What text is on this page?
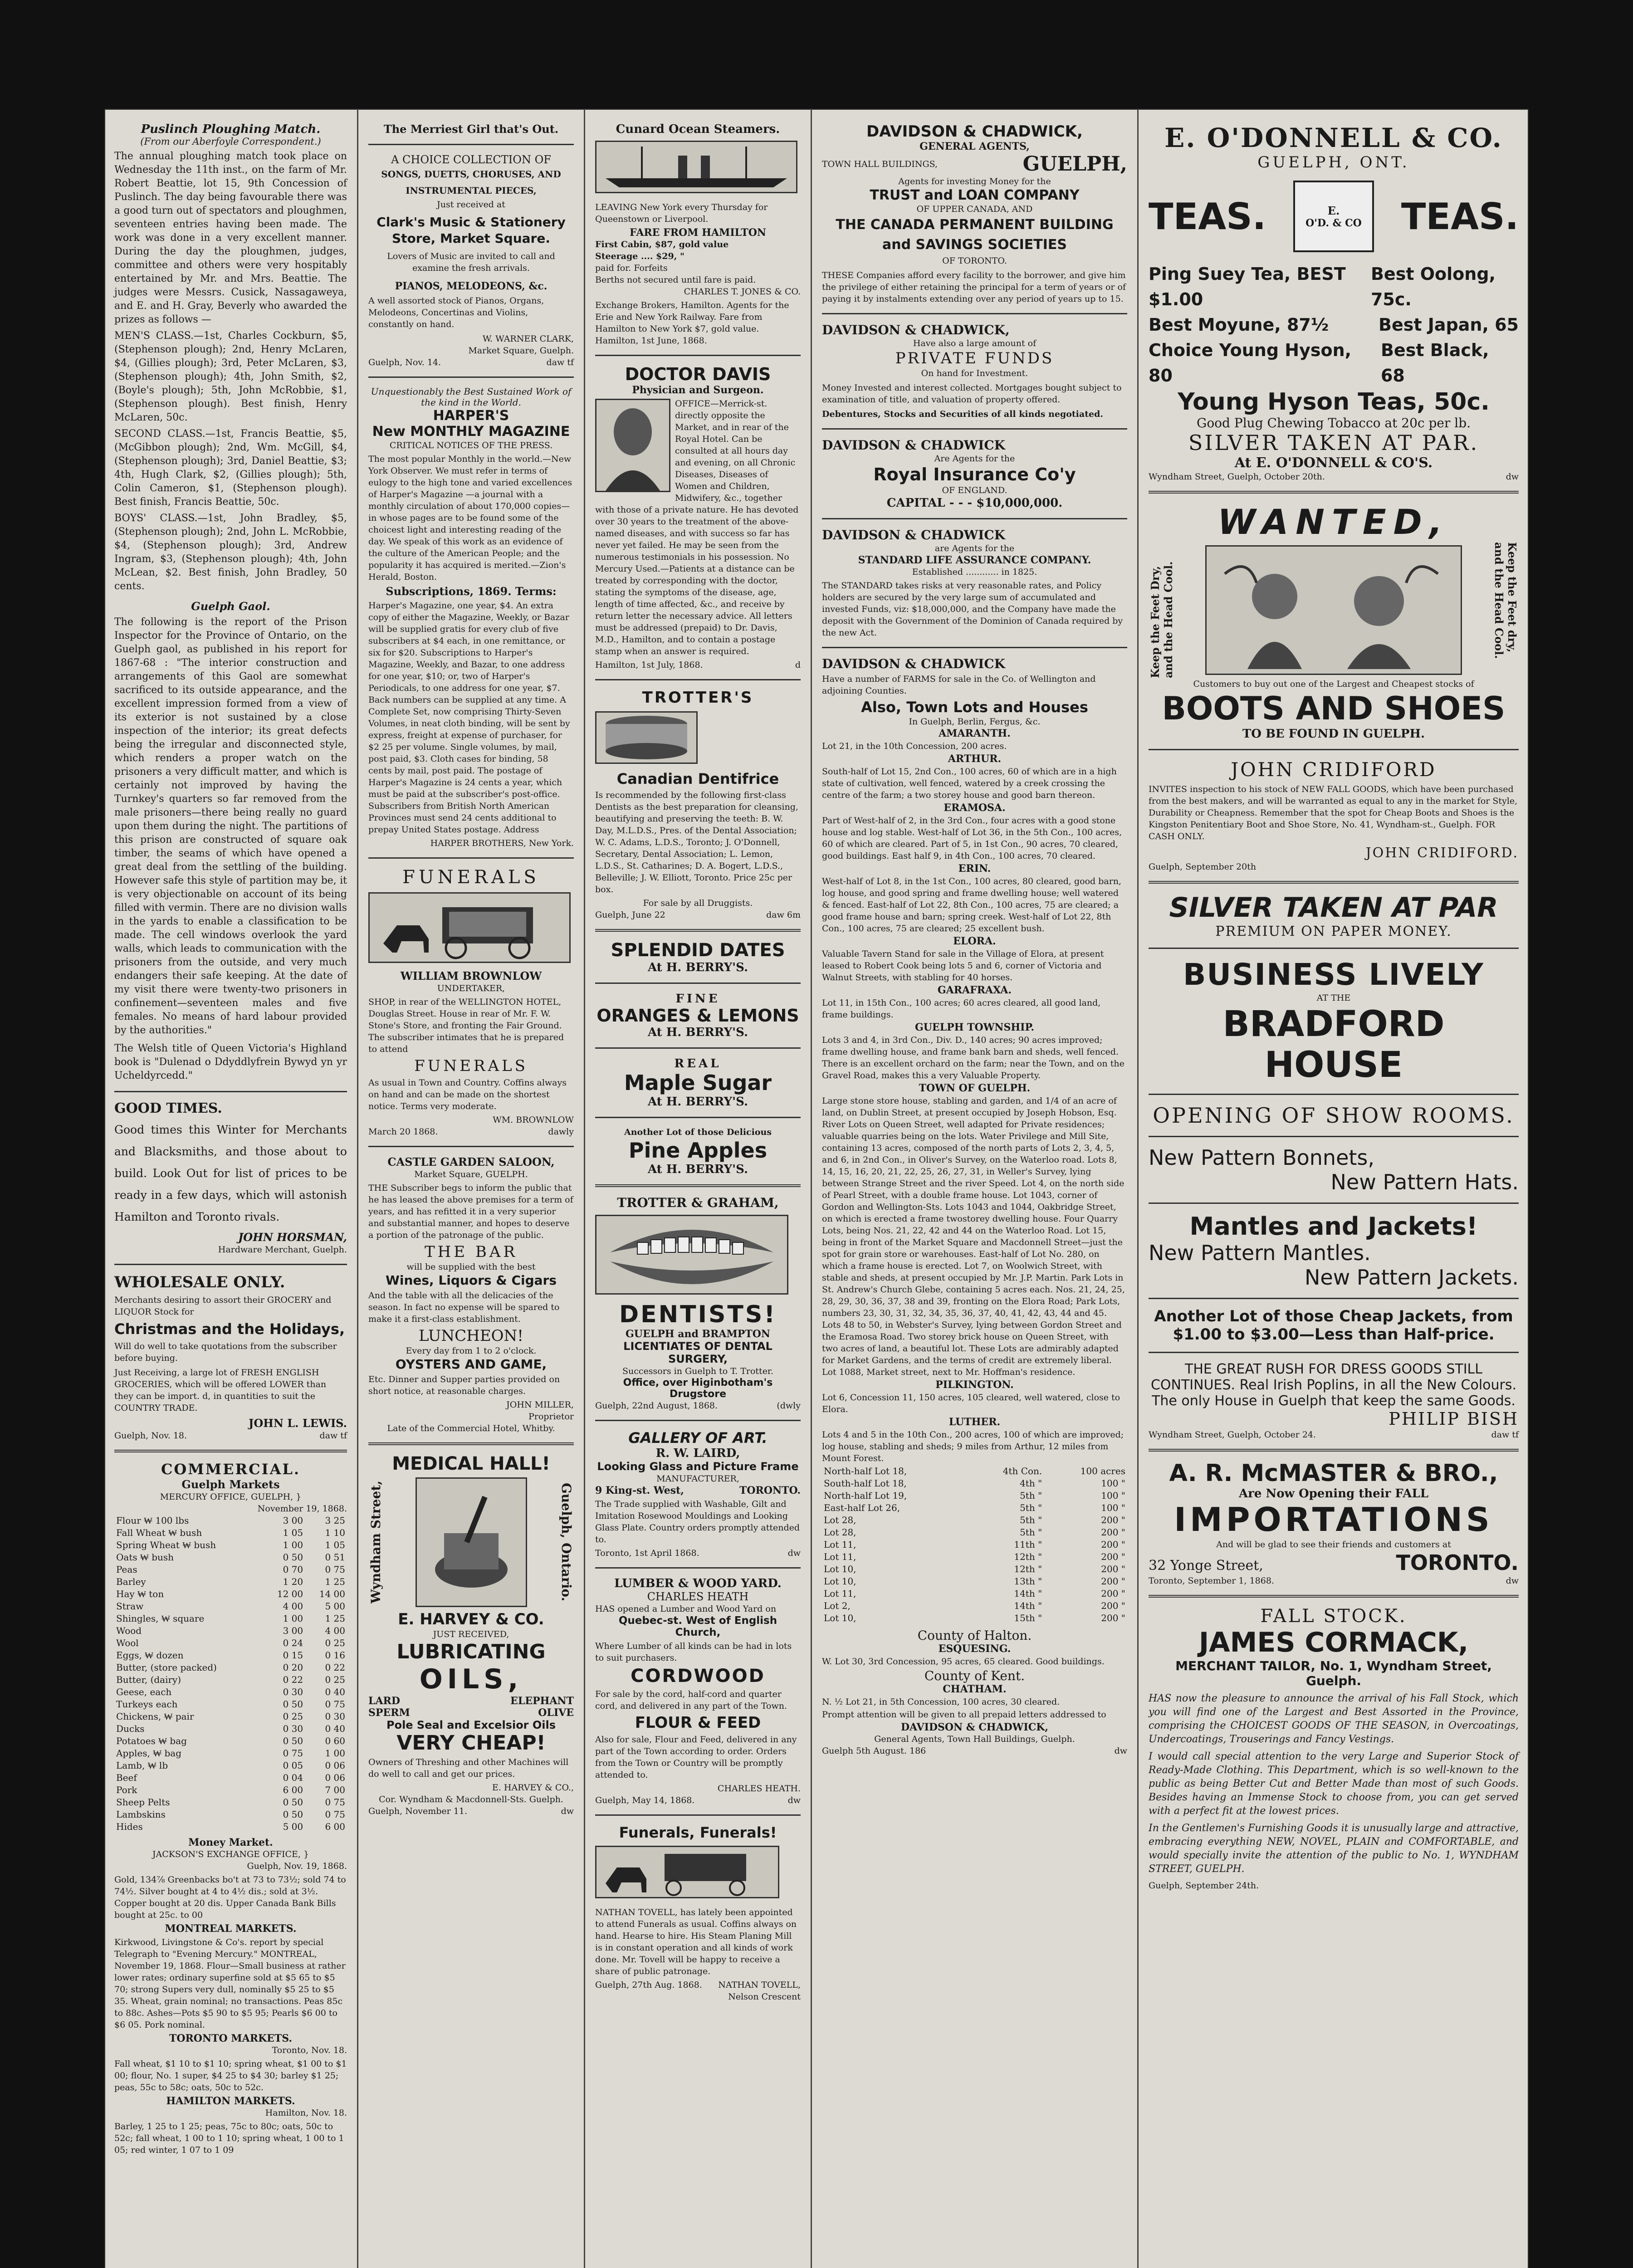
Puslinch Ploughing Match.
(From our Aberfoyle Correspondent.)

The annual ploughing match took place on Wednesday the 11th inst., on the farm of Mr. Robert Beattie, lot 15, 9th Concession of Puslinch. The day being favourable there was a good turn out of spectators and ploughmen, seventeen entries having been made. The work was done in a very excellent manner. During the day the ploughmen, judges, committee and others were very hospitably entertained by Mr. and Mrs. Beattie. The judges were Messrs. Cusick, Nassagaweya, and E. and H. Gray, Beverly who awarded the prizes as follows —

MEN'S CLASS.—1st, Charles Cockburn, $5, (Stephenson plough); 2nd, Henry McLaren, $4, (Gillies plough); 3rd, Peter McLaren, $3, (Stephenson plough); 4th, John Smith, $2, (Boyle's plough); 5th, John McRobbie, $1, (Stephenson plough). Best finish, Henry McLaren, 50c.

SECOND CLASS.—1st, Francis Beattie, $5, (McGibbon plough); 2nd, Wm. McGill, $4, (Stephenson plough); 3rd, Daniel Beattie, $3; 4th, Hugh Clark, $2, (Gillies plough); 5th, Colin Cameron, $1, (Stephenson plough). Best finish, Francis Beattie, 50c.

BOYS' CLASS.—1st, John Bradley, $5, (Stephenson plough); 2nd, John L. McRobbie, $4, (Stephenson plough); 3rd, Andrew Ingram, $3, (Stephenson plough); 4th, John McLean, $2. Best finish, John Bradley, 50 cents.

Guelph Gaol.

The following is the report of the Prison Inspector for the Province of Ontario, on the Guelph gaol, as published in his report for 1867-68 : "The interior construction and arrangements of this Gaol are somewhat sacrificed to its outside appearance, and the excellent impression formed from a view of its exterior is not sustained by a close inspection of the interior; its great defects being the irregular and disconnected style, which renders a proper watch on the prisoners a very difficult matter, and which is certainly not improved by having the Turnkey's quarters so far removed from the male prisoners—there being really no guard upon them during the night. The partitions of this prison are constructed of square oak timber, the seams of which have opened a great deal from the settling of the building. However safe this style of partition may be, it is very objectionable on account of its being filled with vermin. There are no division walls in the yards to enable a classification to be made. The cell windows overlook the yard walls, which leads to communication with the prisoners from the outside, and very much endangers their safe keeping. At the date of my visit there were twenty-two prisoners in confinement—seventeen males and five females. No means of hard labour provided by the authorities."

The Welsh title of Queen Victoria's Highland book is "Dulenad o Ddyddlyfrein Bywyd yn yr Ucheldyrcedd."

GOOD TIMES.

Good times this Winter for Merchants and Blacksmiths, and those about to build. Look Out for list of prices to be ready in a few days, which will astonish Hamilton and Toronto rivals.

JOHN HORSMAN,
Hardware Merchant, Guelph.
WHOLESALE ONLY.

Merchants desiring to assort their GROCERY and LIQUOR Stock for

Christmas and the Holidays,

Will do well to take quotations from the subscriber before buying.

Just Receiving, a large lot of FRESH ENGLISH GROCERIES, which will be offered LOWER than they can be import. d, in quantities to suit the COUNTRY TRADE.

JOHN L. LEWIS.
Guelph, Nov. 18.	daw tf
COMMERCIAL.
Guelph Markets
MERCURY OFFICE, GUELPH, }
November 19, 1868.
Flour ₩ 100 lbs	3 00	3 25
Fall Wheat ₩ bush	1 05	1 10
Spring Wheat ₩ bush	1 00	1 05
Oats ₩ bush	0 50	0 51
Peas	0 70	0 75
Barley	1 20	1 25
Hay ₩ ton	12 00	14 00
Straw	4 00	5 00
Shingles, ₩ square	1 00	1 25
Wood	3 00	4 00
Wool	0 24	0 25
Eggs, ₩ dozen	0 15	0 16
Butter, (store packed)	0 20	0 22
Butter, (dairy)	0 22	0 25
Geese, each	0 30	0 40
Turkeys each	0 50	0 75
Chickens, ₩ pair	0 25	0 30
Ducks	0 30	0 40
Potatoes ₩ bag	0 50	0 60
Apples, ₩ bag	0 75	1 00
Lamb, ₩ lb	0 05	0 06
Beef	0 04	0 06
Pork	6 00	7 00
Sheep Pelts	0 50	0 75
Lambskins	0 50	0 75
Hides	5 00	6 00
Money Market.
JACKSON'S EXCHANGE OFFICE, }
Guelph, Nov. 19, 1868.

Gold, 134⅞ Greenbacks bo't at 73 to 73½; sold 74 to 74½. Silver bought at 4 to 4½ dis.; sold at 3½. Copper bought at 20 dis. Upper Canada Bank Bills bought at 25c. to 00

MONTREAL MARKETS.

Kirkwood, Livingstone & Co's. report by special Telegraph to "Evening Mercury." MONTREAL, November 19, 1868. Flour—Small business at rather lower rates; ordinary superfine sold at $5 65 to $5 70; strong Supers very dull, nominally $5 25 to $5 35. Wheat, grain nominal; no transactions. Peas 85c to 88c. Ashes—Pots $5 90 to $5 95; Pearls $6 00 to $6 05. Pork nominal.

TORONTO MARKETS.
Toronto, Nov. 18.

Fall wheat, $1 10 to $1 10; spring wheat, $1 00 to $1 00; flour, No. 1 super, $4 25 to $4 30; barley $1 25; peas, 55c to 58c; oats, 50c to 52c.

HAMILTON MARKETS.
Hamilton, Nov. 18.

Barley, 1 25 to 1 25; peas, 75c to 80c; oats, 50c to 52c; fall wheat, 1 00 to 1 10; spring wheat, 1 00 to 1 05; red winter, 1 07 to 1 09

The Merriest Girl that's Out.
A CHOICE COLLECTION OF
SONGS, DUETTS, CHORUSES, AND INSTRUMENTAL PIECES,
Just received at
Clark's Music & Stationery Store, Market Square.
Lovers of Music are invited to call and examine the fresh arrivals.
PIANOS, MELODEONS, &c.

A well assorted stock of Pianos, Organs, Melodeons, Concertinas and Violins, constantly on hand.

W. WARNER CLARK,
Market Square, Guelph.
Guelph, Nov. 14.	daw tf
Unquestionably the Best Sustained Work of the kind in the World.
HARPER'S
New MONTHLY MAGAZINE
CRITICAL NOTICES OF THE PRESS.

The most popular Monthly in the world.—New York Observer. We must refer in terms of eulogy to the high tone and varied excellences of Harper's Magazine —a journal with a monthly circulation of about 170,000 copies—in whose pages are to be found some of the choicest light and interesting reading of the day. We speak of this work as an evidence of the culture of the American People; and the popularity it has acquired is merited.—Zion's Herald, Boston.

Subscriptions, 1869. Terms:

Harper's Magazine, one year, $4. An extra copy of either the Magazine, Weekly, or Bazar will be supplied gratis for every club of five subscribers at $4 each, in one remittance, or six for $20. Subscriptions to Harper's Magazine, Weekly, and Bazar, to one address for one year, $10; or, two of Harper's Periodicals, to one address for one year, $7. Back numbers can be supplied at any time. A Complete Set, now comprising Thirty-Seven Volumes, in neat cloth binding, will be sent by express, freight at expense of purchaser, for $2 25 per volume. Single volumes, by mail, post paid, $3. Cloth cases for binding, 58 cents by mail, post paid. The postage of Harper's Magazine is 24 cents a year, which must be paid at the subscriber's post-office. Subscribers from British North American Provinces must send 24 cents additional to prepay United States postage. Address

HARPER BROTHERS, New York.
FUNERALS
WILLIAM BROWNLOW
UNDERTAKER,

SHOP, in rear of the WELLINGTON HOTEL, Douglas Street. House in rear of Mr. F. W. Stone's Store, and fronting the Fair Ground. The subscriber intimates that he is prepared to attend

FUNERALS

As usual in Town and Country. Coffins always on hand and can be made on the shortest notice. Terms very moderate.

WM. BROWNLOW
March 20 1868.	dawly
CASTLE GARDEN SALOON,
Market Square, GUELPH.

THE Subscriber begs to inform the public that he has leased the above premises for a term of years, and has refitted it in a very superior and substantial manner, and hopes to deserve a portion of the patronage of the public.

THE BAR
will be supplied with the best
Wines, Liquors & Cigars

And the table with all the delicacies of the season. In fact no expense will be spared to make it a first-class establishment.

LUNCHEON!
Every day from 1 to 2 o'clock.
OYSTERS AND GAME,

Etc. Dinner and Supper parties provided on short notice, at reasonable charges.

JOHN MILLER,
Proprietor
Late of the Commercial Hotel, Whitby.
MEDICAL HALL!
Wyndham Street,	Guelph, Ontario.
E. HARVEY & CO.
JUST RECEIVED,
LUBRICATING
OILS,
LARD	ELEPHANT
SPERM	OLIVE
Pole Seal and Excelsior Oils
VERY CHEAP!

Owners of Threshing and other Machines will do well to call and get our prices.

E. HARVEY & CO.,
Cor. Wyndham & Macdonnell-Sts. Guelph.
Guelph, November 11.	dw
Cunard Ocean Steamers.

LEAVING New York every Thursday for Queenstown or Liverpool.

FARE FROM HAMILTON
First Cabin, $87, gold value
Steerage .... $29, "
paid for. Forfeits
Berths not secured until fare is paid.
CHARLES T. JONES & CO.

Exchange Brokers, Hamilton. Agents for the Erie and New York Railway. Fare from Hamilton to New York $7, gold value. Hamilton, 1st June, 1868.

DOCTOR DAVIS
Physician and Surgeon.

OFFICE—Merrick-st. directly opposite the Market, and in rear of the Royal Hotel. Can be consulted at all hours day and evening, on all Chronic Diseases, Diseases of Women and Children, Midwifery, &c., together with those of a private nature. He has devoted over 30 years to the treatment of the above-named diseases, and with success so far has never yet failed. He may be seen from the numerous testimonials in his possession. No Mercury Used.—Patients at a distance can be treated by corresponding with the doctor, stating the symptoms of the disease, age, length of time affected, &c., and receive by return letter the necessary advice. All letters must be addressed (prepaid) to Dr. Davis, M.D., Hamilton, and to contain a postage stamp when an answer is required.

Hamilton, 1st July, 1868.	d
TROTTER'S
Canadian Dentifrice

Is recommended by the following first-class Dentists as the best preparation for cleansing, beautifying and preserving the teeth: B. W. Day, M.L.D.S., Pres. of the Dental Association; W. C. Adams, L.D.S., Toronto; J. O'Donnell, Secretary, Dental Association; L. Lemon, L.D.S., St. Catharines; D. A. Bogert, L.D.S., Belleville; J. W. Elliott, Toronto. Price 25c per box.

For sale by all Druggists.
Guelph, June 22	daw 6m
SPLENDID DATES
At H. BERRY'S.
FINE
ORANGES & LEMONS
At H. BERRY'S.
REAL
Maple Sugar
At H. BERRY'S.
Another Lot of those Delicious
Pine Apples
At H. BERRY'S.
TROTTER & GRAHAM,
DENTISTS!
GUELPH and BRAMPTON
LICENTIATES OF DENTAL SURGERY,
Successors in Guelph to T. Trotter.
Office, over Higinbotham's Drugstore
Guelph, 22nd August, 1868.	(dwly
GALLERY OF ART.
R. W. LAIRD,
Looking Glass and Picture Frame
MANUFACTURER,
9 King-st. West,	TORONTO.

The Trade supplied with Washable, Gilt and Imitation Rosewood Mouldings and Looking Glass Plate. Country orders promptly attended to.

Toronto, 1st April 1868.	dw
LUMBER & WOOD YARD.
CHARLES HEATH
HAS opened a Lumber and Wood Yard on
Quebec-st. West of English Church,

Where Lumber of all kinds can be had in lots to suit purchasers.

CORDWOOD

For sale by the cord, half-cord and quarter cord, and delivered in any part of the Town.

FLOUR & FEED

Also for sale, Flour and Feed, delivered in any part of the Town according to order. Orders from the Town or Country will be promptly attended to.

CHARLES HEATH.
Guelph, May 14, 1868.	dw
Funerals, Funerals!

NATHAN TOVELL, has lately been appointed to attend Funerals as usual. Coffins always on hand. Hearse to hire. His Steam Planing Mill is in constant operation and all kinds of work done. Mr. Tovell will be happy to receive a share of public patronage.

Guelph, 27th Aug. 1868. NATHAN TOVELL,
Nelson Crescent
DAVIDSON & CHADWICK,
GENERAL AGENTS,
TOWN HALL BUILDINGS,	GUELPH,
Agents for investing Money for the
TRUST and LOAN COMPANY
OF UPPER CANADA, AND
THE CANADA PERMANENT BUILDING and SAVINGS SOCIETIES
OF TORONTO.

THESE Companies afford every facility to the borrower, and give him the privilege of either retaining the principal for a term of years or of paying it by instalments extending over any period of years up to 15.

DAVIDSON & CHADWICK,
Have also a large amount of
PRIVATE FUNDS
On hand for Investment.

Money Invested and interest collected. Mortgages bought subject to examination of title, and valuation of property offered.

Debentures, Stocks and Securities of all kinds negotiated.

DAVIDSON & CHADWICK
Are Agents for the
Royal Insurance Co'y
OF ENGLAND.
CAPITAL - - - $10,000,000.
DAVIDSON & CHADWICK
are Agents for the
STANDARD LIFE ASSURANCE COMPANY.
Established ............ in 1825.

The STANDARD takes risks at very reasonable rates, and Policy holders are secured by the very large sum of accumulated and invested Funds, viz: $18,000,000, and the Company have made the deposit with the Government of the Dominion of Canada required by the new Act.

DAVIDSON & CHADWICK

Have a number of FARMS for sale in the Co. of Wellington and adjoining Counties.

Also, Town Lots and Houses
In Guelph, Berlin, Fergus, &c.
AMARANTH.

Lot 21, in the 10th Concession, 200 acres.

ARTHUR.

South-half of Lot 15, 2nd Con., 100 acres, 60 of which are in a high state of cultivation, well fenced, watered by a creek crossing the centre of the farm; a two storey house and good barn thereon.

ERAMOSA.

Part of West-half of 2, in the 3rd Con., four acres with a good stone house and log stable. West-half of Lot 36, in the 5th Con., 100 acres, 60 of which are cleared. Part of 5, in 1st Con., 90 acres, 70 cleared, good buildings. East half 9, in 4th Con., 100 acres, 70 cleared.

ERIN.

West-half of Lot 8, in the 1st Con., 100 acres, 80 cleared, good barn, log house, and good spring and frame dwelling house; well watered & fenced. East-half of Lot 22, 8th Con., 100 acres, 75 are cleared; a good frame house and barn; spring creek. West-half of Lot 22, 8th Con., 100 acres, 75 are cleared; 25 excellent bush.

ELORA.

Valuable Tavern Stand for sale in the Village of Elora, at present leased to Robert Cook being lots 5 and 6, corner of Victoria and Walnut Streets, with stabling for 40 horses.

GARAFRAXA.

Lot 11, in 15th Con., 100 acres; 60 acres cleared, all good land, frame buildings.

GUELPH TOWNSHIP.

Lots 3 and 4, in 3rd Con., Div. D., 140 acres; 90 acres improved; frame dwelling house, and frame bank barn and sheds, well fenced. There is an excellent orchard on the farm; near the Town, and on the Gravel Road, makes this a very Valuable Property.

TOWN OF GUELPH.

Large stone store house, stabling and garden, and 1/4 of an acre of land, on Dublin Street, at present occupied by Joseph Hobson, Esq. River Lots on Queen Street, well adapted for Private residences; valuable quarries being on the lots. Water Privilege and Mill Site, containing 13 acres, composed of the north parts of Lots 2, 3, 4, 5, and 6, in 2nd Con., in Oliver's Survey, on the Waterloo road. Lots 8, 14, 15, 16, 20, 21, 22, 25, 26, 27, 31, in Weller's Survey, lying between Strange Street and the river Speed. Lot 4, on the north side of Pearl Street, with a double frame house. Lot 1043, corner of Gordon and Wellington-Sts. Lots 1043 and 1044, Oakbridge Street, on which is erected a frame twostorey dwelling house. Four Quarry Lots, being Nos. 21, 22, 42 and 44 on the Waterloo Road. Lot 15, being in front of the Market Square and Macdonnell Street—just the spot for grain store or warehouses. East-half of Lot No. 280, on which a frame house is erected. Lot 7, on Woolwich Street, with stable and sheds, at present occupied by Mr. J.P. Martin. Park Lots in St. Andrew's Church Glebe, containing 5 acres each. Nos. 21, 24, 25, 28, 29, 30, 36, 37, 38 and 39, fronting on the Elora Road; Park Lots, numbers 23, 30, 31, 32, 34, 35, 36, 37, 40, 41, 42, 43, 44 and 45. Lots 48 to 50, in Webster's Survey, lying between Gordon Street and the Eramosa Road. Two storey brick house on Queen Street, with two acres of land, a beautiful lot. These Lots are admirably adapted for Market Gardens, and the terms of credit are extremely liberal. Lot 1088, Market street, next to Mr. Hoffman's residence.

PILKINGTON.

Lot 6, Concession 11, 150 acres, 105 cleared, well watered, close to Elora.

LUTHER.

Lots 4 and 5 in the 10th Con., 200 acres, 100 of which are improved; log house, stabling and sheds; 9 miles from Arthur, 12 miles from Mount Forest.

North-half Lot 18,	4th Con.	100 acres
South-half Lot 18,	4th "	100 "
North-half Lot 19,	5th "	100 "
East-half Lot 26,	5th "	100 "
Lot 28,	5th "	200 "
Lot 28,	5th "	200 "
Lot 11,	11th "	200 "
Lot 11,	12th "	200 "
Lot 10,	12th "	200 "
Lot 10,	13th "	200 "
Lot 11,	14th "	200 "
Lot 2,	14th "	200 "
Lot 10,	15th "	200 "
County of Halton.
ESQUESING.

W. Lot 30, 3rd Concession, 95 acres, 65 cleared. Good buildings.

County of Kent.
CHATHAM.

N. ½ Lot 21, in 5th Concession, 100 acres, 30 cleared.

Prompt attention will be given to all prepaid letters addressed to

DAVIDSON & CHADWICK,
General Agents, Town Hall Buildings, Guelph.
Guelph 5th August. 186	dw
E. O'DONNELL & CO.
GUELPH, ONT.
TEAS.	E.
O'D. & CO TEAS.
Ping Suey Tea, BEST $1.00
Best Oolong, 75c.
Best Moyune, 87½	Best Japan, 65
Choice Young Hyson, 80
Best Black, 68
Young Hyson Teas, 50c.
Good Plug Chewing Tobacco at 20c per lb.
SILVER TAKEN AT PAR.
At E. O'DONNELL & CO'S.
Wyndham Street, Guelph, October 20th.	dw
WANTED,
Keep the Feet Dry, and the Head Cool.	Keep the Feet dry, and the Head Cool.
Customers to buy out one of the Largest and Cheapest stocks of
BOOTS AND SHOES
TO BE FOUND IN GUELPH.
JOHN CRIDIFORD

INVITES inspection to his stock of NEW FALL GOODS, which have been purchased from the best makers, and will be warranted as equal to any in the market for Style, Durability or Cheapness. Remember that the spot for Cheap Boots and Shoes is the Kingston Penitentiary Boot and Shoe Store, No. 41, Wyndham-st., Guelph. FOR CASH ONLY.

JOHN CRIDIFORD.
Guelph, September 20th
SILVER TAKEN AT PAR
PREMIUM ON PAPER MONEY.
BUSINESS LIVELY
AT THE
BRADFORD HOUSE
OPENING OF SHOW ROOMS.
New Pattern Bonnets,
New Pattern Hats.
Mantles and Jackets!
New Pattern Mantles.
New Pattern Jackets.
Another Lot of those Cheap Jackets, from $1.00 to $3.00—Less than Half-price.
THE GREAT RUSH FOR DRESS GOODS STILL CONTINUES. Real Irish Poplins, in all the New Colours. The only House in Guelph that keep the same Goods.
PHILIP BISH
Wyndham Street, Guelph, October 24.	daw tf
A. R. McMASTER & BRO.,
Are Now Opening their FALL
IMPORTATIONS
And will be glad to see their friends and customers at
32 Yonge Street,	TORONTO.
Toronto, September 1, 1868.	dw
FALL STOCK.
JAMES CORMACK,
MERCHANT TAILOR, No. 1, Wyndham Street, Guelph.

HAS now the pleasure to announce the arrival of his Fall Stock, which you will find one of the Largest and Best Assorted in the Province, comprising the CHOICEST GOODS OF THE SEASON, in Overcoatings, Undercoatings, Trouserings and Fancy Vestings.

I would call special attention to the very Large and Superior Stock of Ready-Made Clothing. This Department, which is so well-known to the public as being Better Cut and Better Made than most of such Goods. Besides having an Immense Stock to choose from, you can get served with a perfect fit at the lowest prices.

In the Gentlemen's Furnishing Goods it is unusually large and attractive, embracing everything NEW, NOVEL, PLAIN and COMFORTABLE, and would specially invite the attention of the public to No. 1, WYNDHAM STREET, GUELPH.

Guelph, September 24th.
